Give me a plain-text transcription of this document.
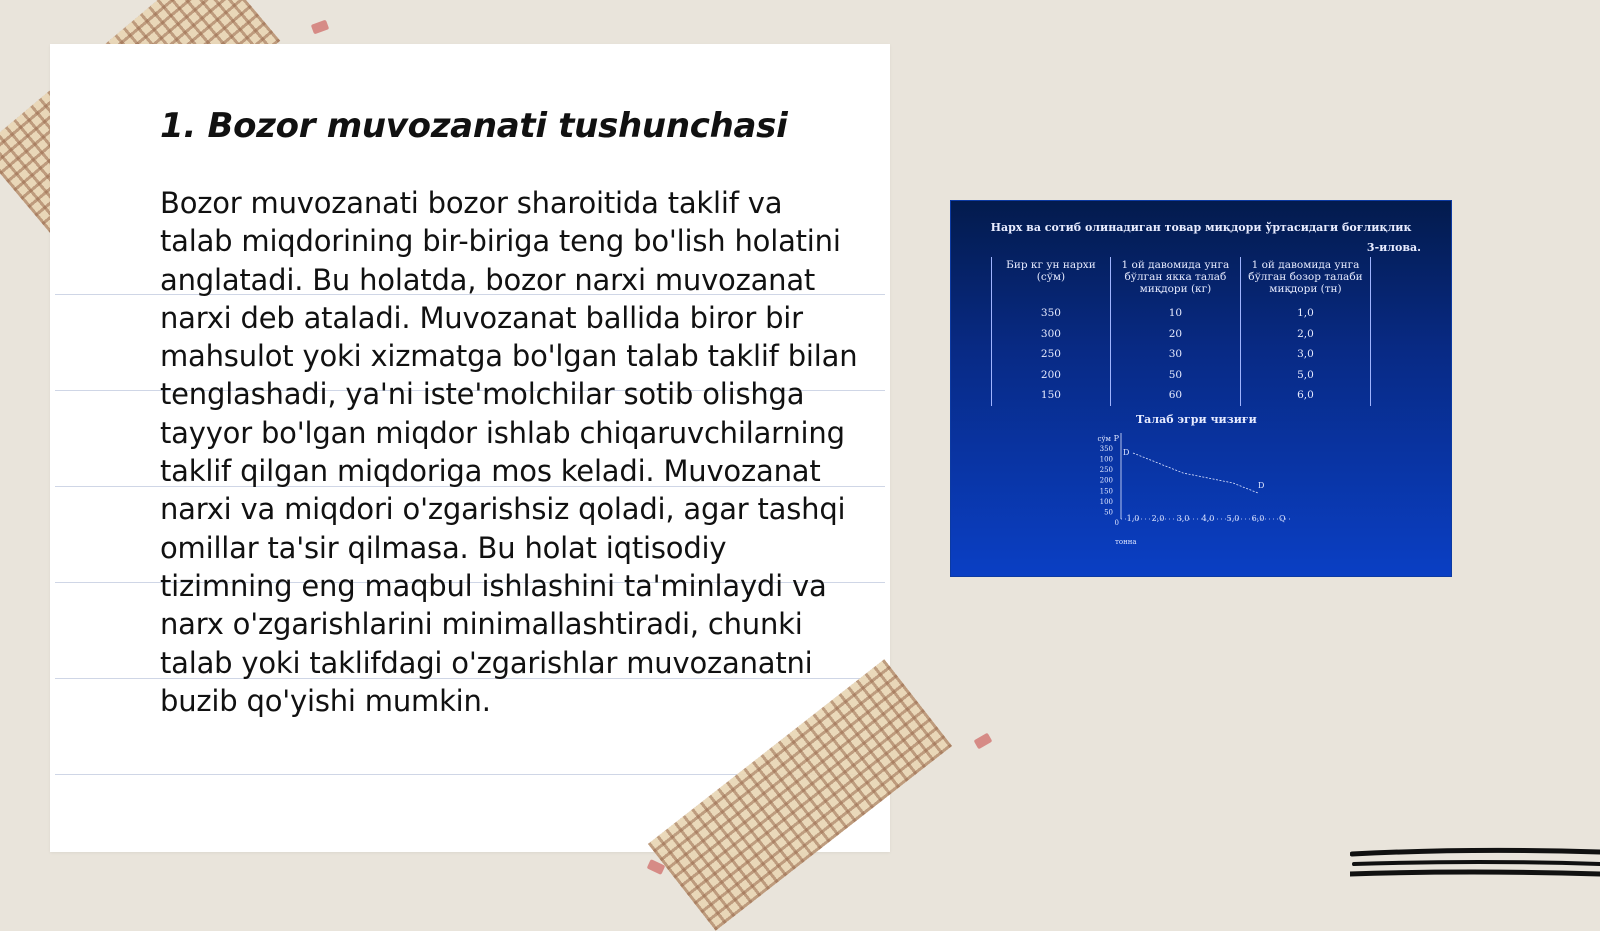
1. Bozor muvozanati tushunchasi

Bozor muvozanati bozor sharoitida taklif va talab miqdorining bir-biriga teng bo'lish holatini anglatadi. Bu holatda, bozor narxi muvozanat narxi deb ataladi. Muvozanat ballida biror bir mahsulot yoki xizmatga bo'lgan talab taklif bilan tenglashadi, ya'ni iste'molchilar sotib olishga tayyor bo'lgan miqdor ishlab chiqaruvchilarning taklif qilgan miqdoriga mos keladi. Muvozanat narxi va miqdori o'zgarishsiz qoladi, agar tashqi omillar ta'sir qilmasa. Bu holat iqtisodiy tizimning eng maqbul ishlashini ta'minlaydi va narx o'zgarishlarini minimallashtiradi, chunki talab yoki taklifdagi o'zgarishlar muvozanatni buzib qo'yishi mumkin.

Нарх ва сотиб олинадиган товар миқдори ўртасидаги боғлиқлик
3-илова.
Бир кг ун нархи (сўм)	1 ой давомида унга бўлган якка талаб миқдори (кг)	1 ой давомида унга бўлган бозор талаби миқдори (тн)
350	10	1,0
300	20	2,0
250	30	3,0
200	50	5,0
150	60	6,0
Талаб эгри чизиғи
P
сўм
350
100
250
200
150
100
50
0 1,0 2,0 3,0 4,0 5,0 6,0 Q
тонна
D
D
